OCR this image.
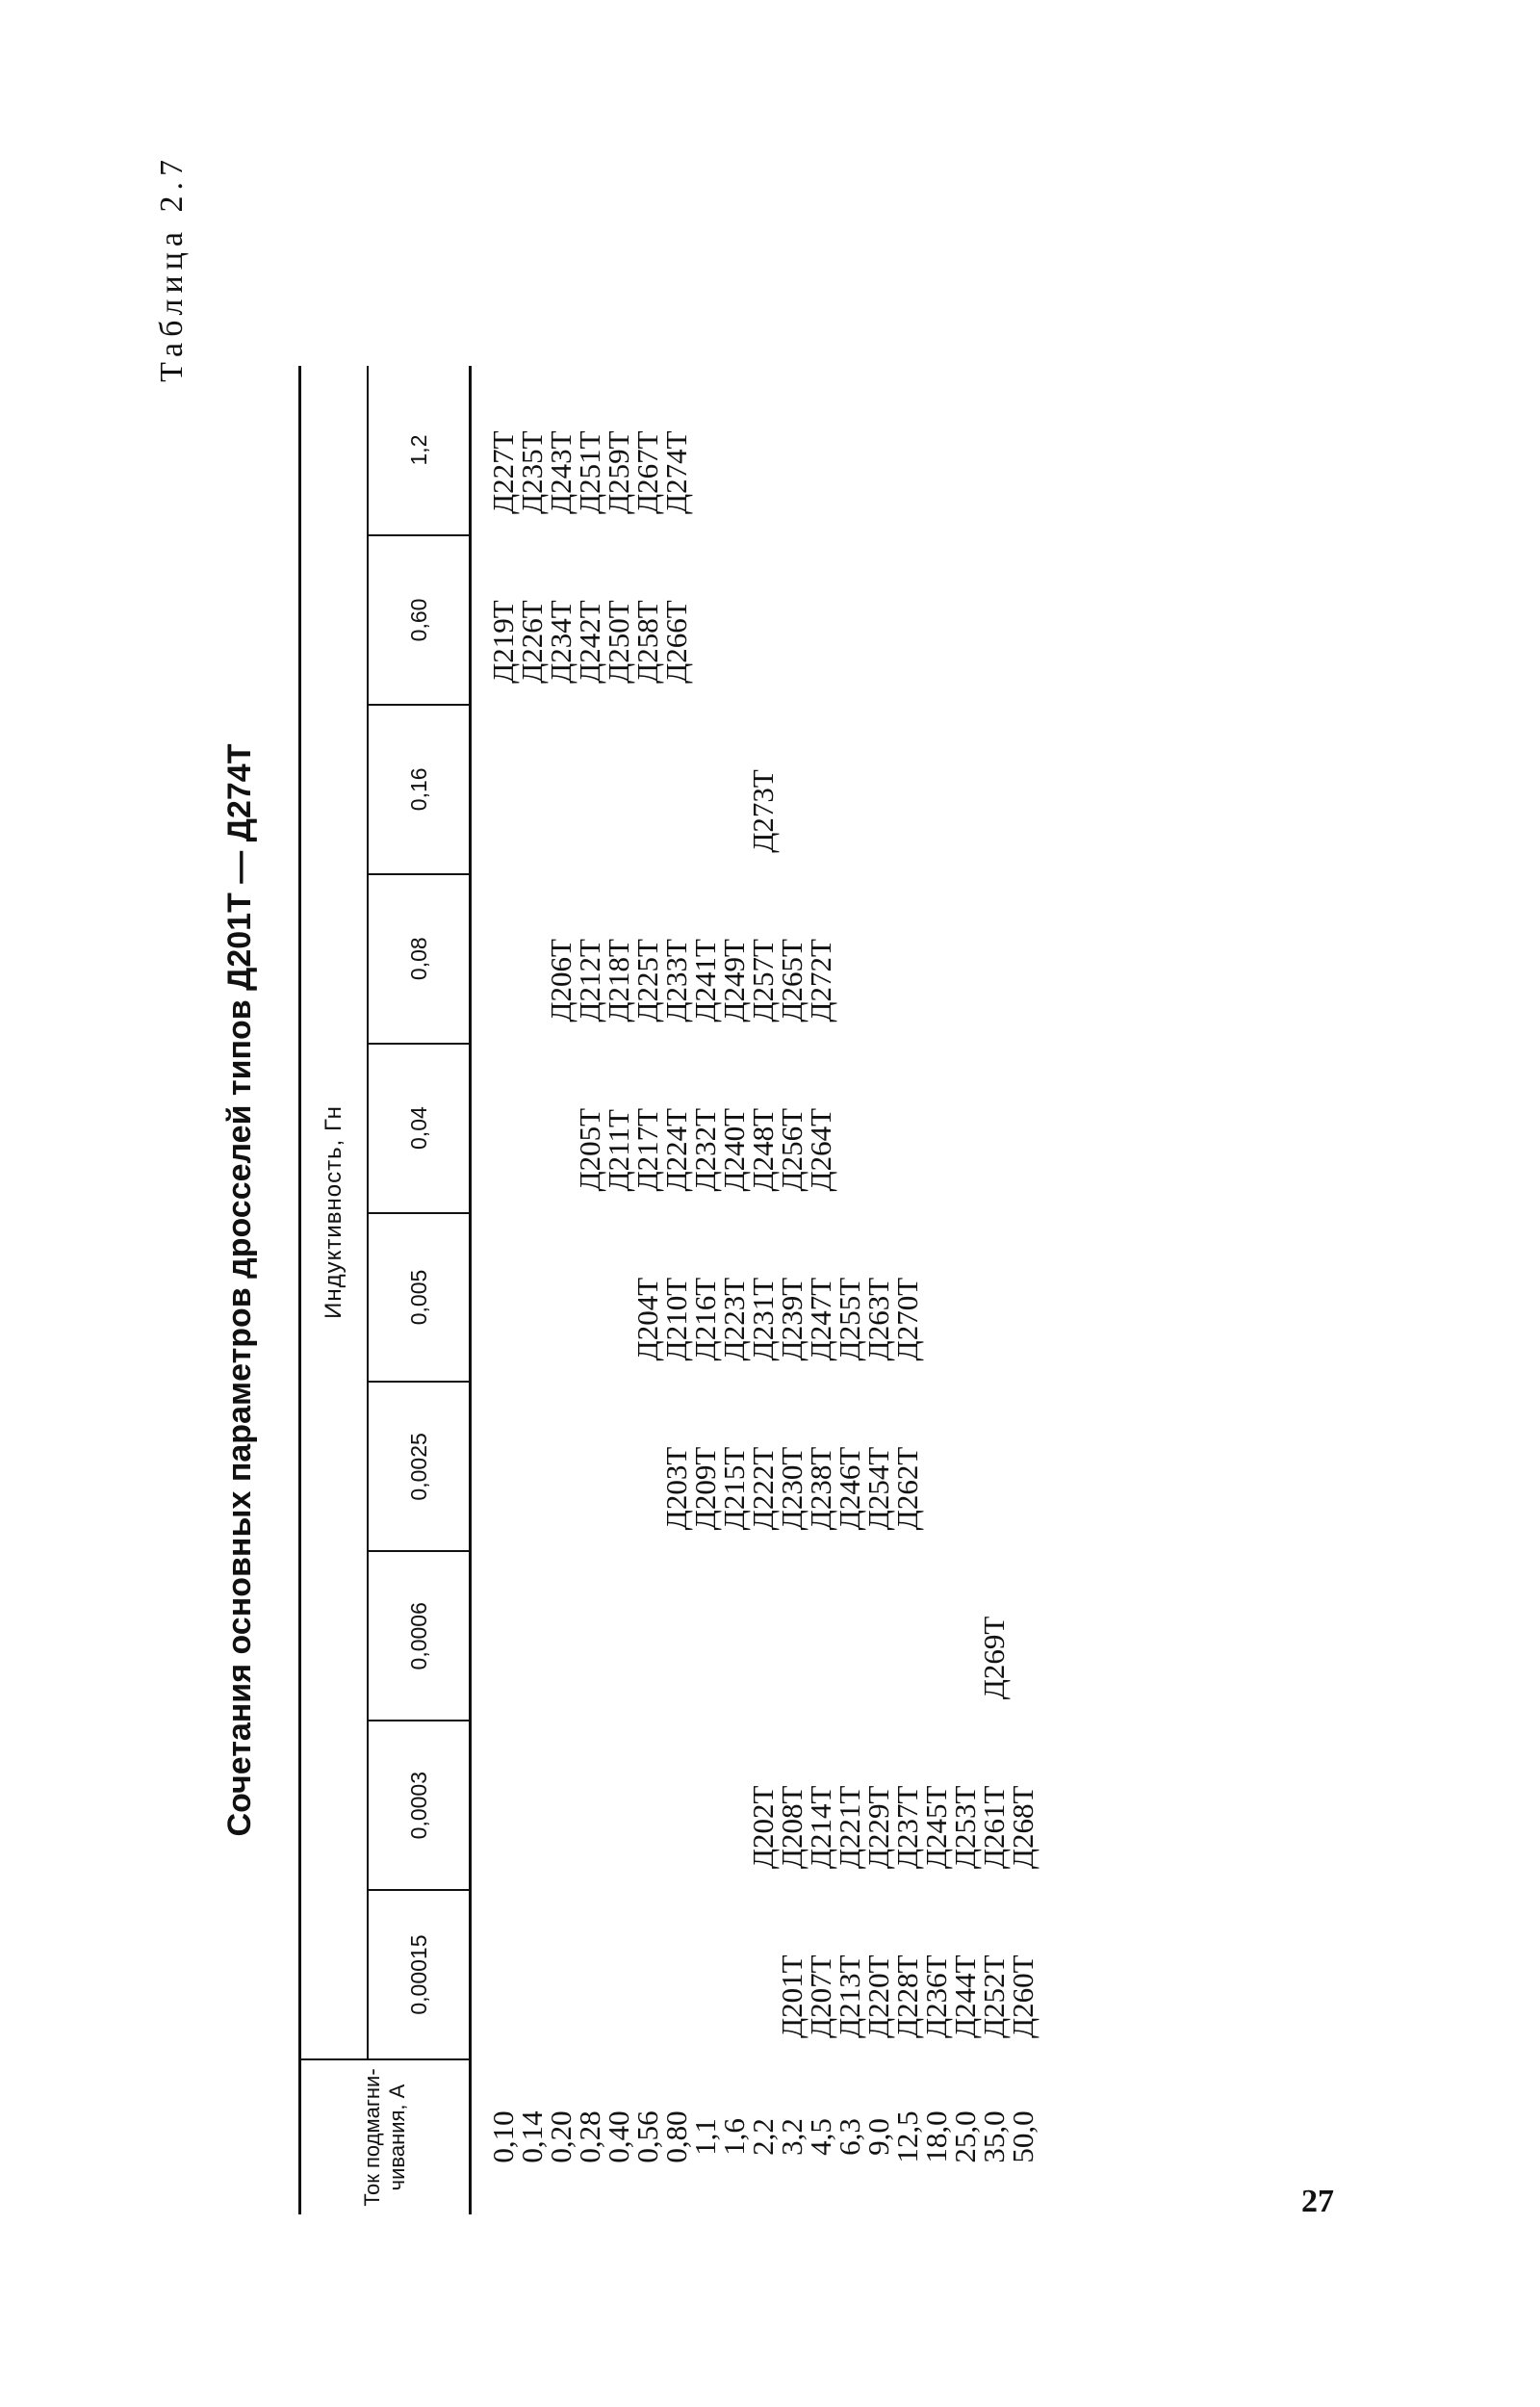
27
Таблица 2.7
Сочетания основных параметров дросселей типов Д201Т — Д274Т
Ток подмагни- чивания, А	Индуктивность, Гн									
	0,00015	0,0003	0,0006	0,0025	0,005	0,04	0,08	0,16	0,60	1,2
0,10									Д219Т	Д227Т
0,14									Д226Т	Д235Т
0,20							Д206Т		Д234Т	Д243Т
0,28						Д205Т	Д212Т		Д242Т	Д251Т
0,40						Д211Т	Д218Т		Д250Т	Д259Т
0,56					Д204Т	Д217Т	Д225Т		Д258Т	Д267Т
0,80				Д203Т	Д210Т	Д224Т	Д233Т		Д266Т	Д274Т
1,1				Д209Т	Д216Т	Д232Т	Д241Т			
1,6				Д215Т	Д223Т	Д240Т	Д249Т			
2,2		Д202Т		Д222Т	Д231Т	Д248Т	Д257Т	Д273Т		
3,2	Д201Т	Д208Т		Д230Т	Д239Т	Д256Т	Д265Т			
4,5	Д207Т	Д214Т		Д238Т	Д247Т	Д264Т	Д272Т			
6,3	Д213Т	Д221Т		Д246Т	Д255Т					
9,0	Д220Т	Д229Т		Д254Т	Д263Т					
12,5	Д228Т	Д237Т		Д262Т	Д270Т					
18,0	Д236Т	Д245Т								
25,0	Д244Т	Д253Т								
35,0	Д252Т	Д261Т	Д269Т							
50,0	Д260Т	Д268Т								
